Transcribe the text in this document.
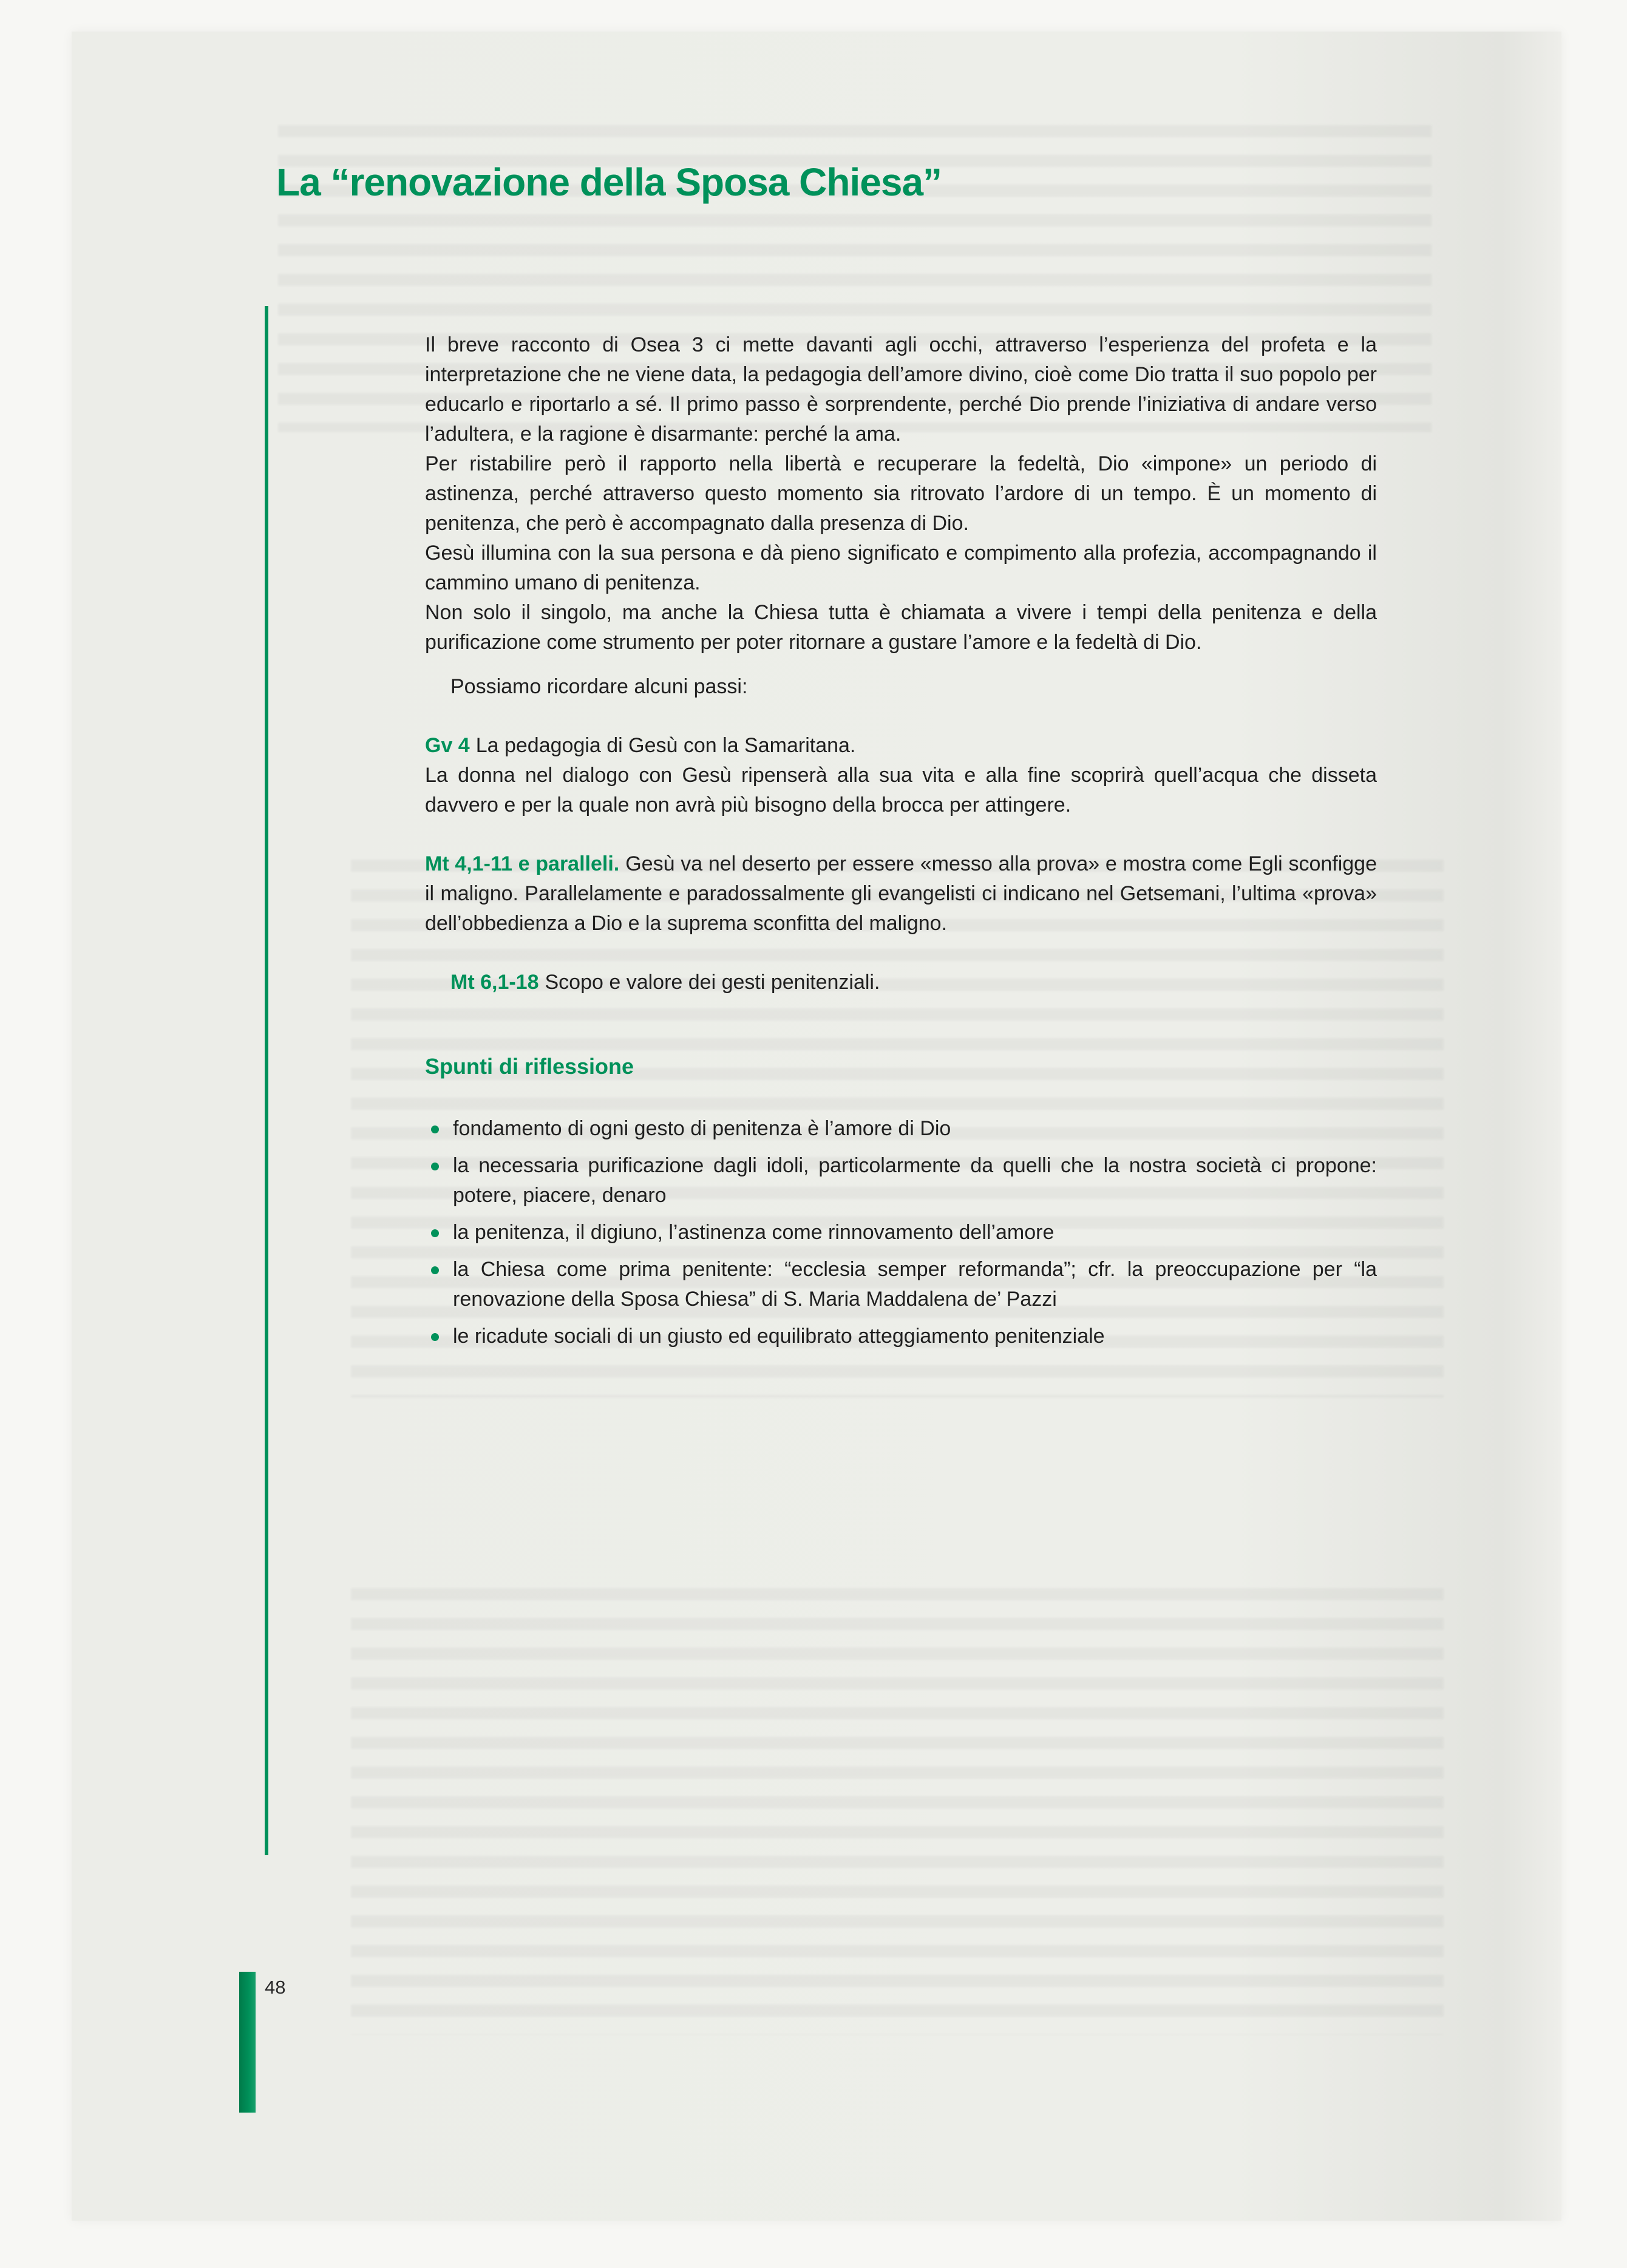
La “renovazione della Sposa Chiesa”

Il breve racconto di Osea 3 ci mette davanti agli occhi, attraverso l’esperienza del profeta e la interpretazione che ne viene data, la pedagogia dell’amore divino, cioè come Dio tratta il suo popolo per educarlo e riportarlo a sé. Il primo passo è sorprendente, perché Dio prende l’iniziativa di andare verso l’adultera, e la ragione è disarmante: perché la ama.

Per ristabilire però il rapporto nella libertà e recuperare la fedeltà, Dio «impone» un periodo di astinenza, perché attraverso questo momento sia ritrovato l’ardore di un tempo. È un momento di penitenza, che però è accompagnato dalla presenza di Dio.

Gesù illumina con la sua persona e dà pieno significato e compimento alla profezia, accompagnando il cammino umano di penitenza.

Non solo il singolo, ma anche la Chiesa tutta è chiamata a vivere i tempi della penitenza e della purificazione come strumento per poter ritornare a gustare l’amore e la fedeltà di Dio.

Possiamo ricordare alcuni passi:

Gv 4 La pedagogia di Gesù con la Samaritana.

La donna nel dialogo con Gesù ripenserà alla sua vita e alla fine scoprirà quell’acqua che disseta davvero e per la quale non avrà più bisogno della brocca per attingere.

Mt 4,1-11 e paralleli. Gesù va nel deserto per essere «messo alla prova» e mostra come Egli sconfigge il maligno. Parallelamente e paradossalmente gli evangelisti ci indicano nel Getsemani, l’ultima «prova» dell’obbedienza a Dio e la suprema sconfitta del maligno.

Mt 6,1-18 Scopo e valore dei gesti penitenziali.

Spunti di riflessione
fondamento di ogni gesto di penitenza è l’amore di Dio
la necessaria purificazione dagli idoli, particolarmente da quelli che la nostra società ci propone: potere, piacere, denaro
la penitenza, il digiuno, l’astinenza come rinnovamento dell’amore
la Chiesa come prima penitente: “ecclesia semper reformanda”; cfr. la preoccupazione per “la renovazione della Sposa Chiesa” di S. Maria Maddalena de’ Pazzi
le ricadute sociali di un giusto ed equilibrato atteggiamento penitenziale
48
